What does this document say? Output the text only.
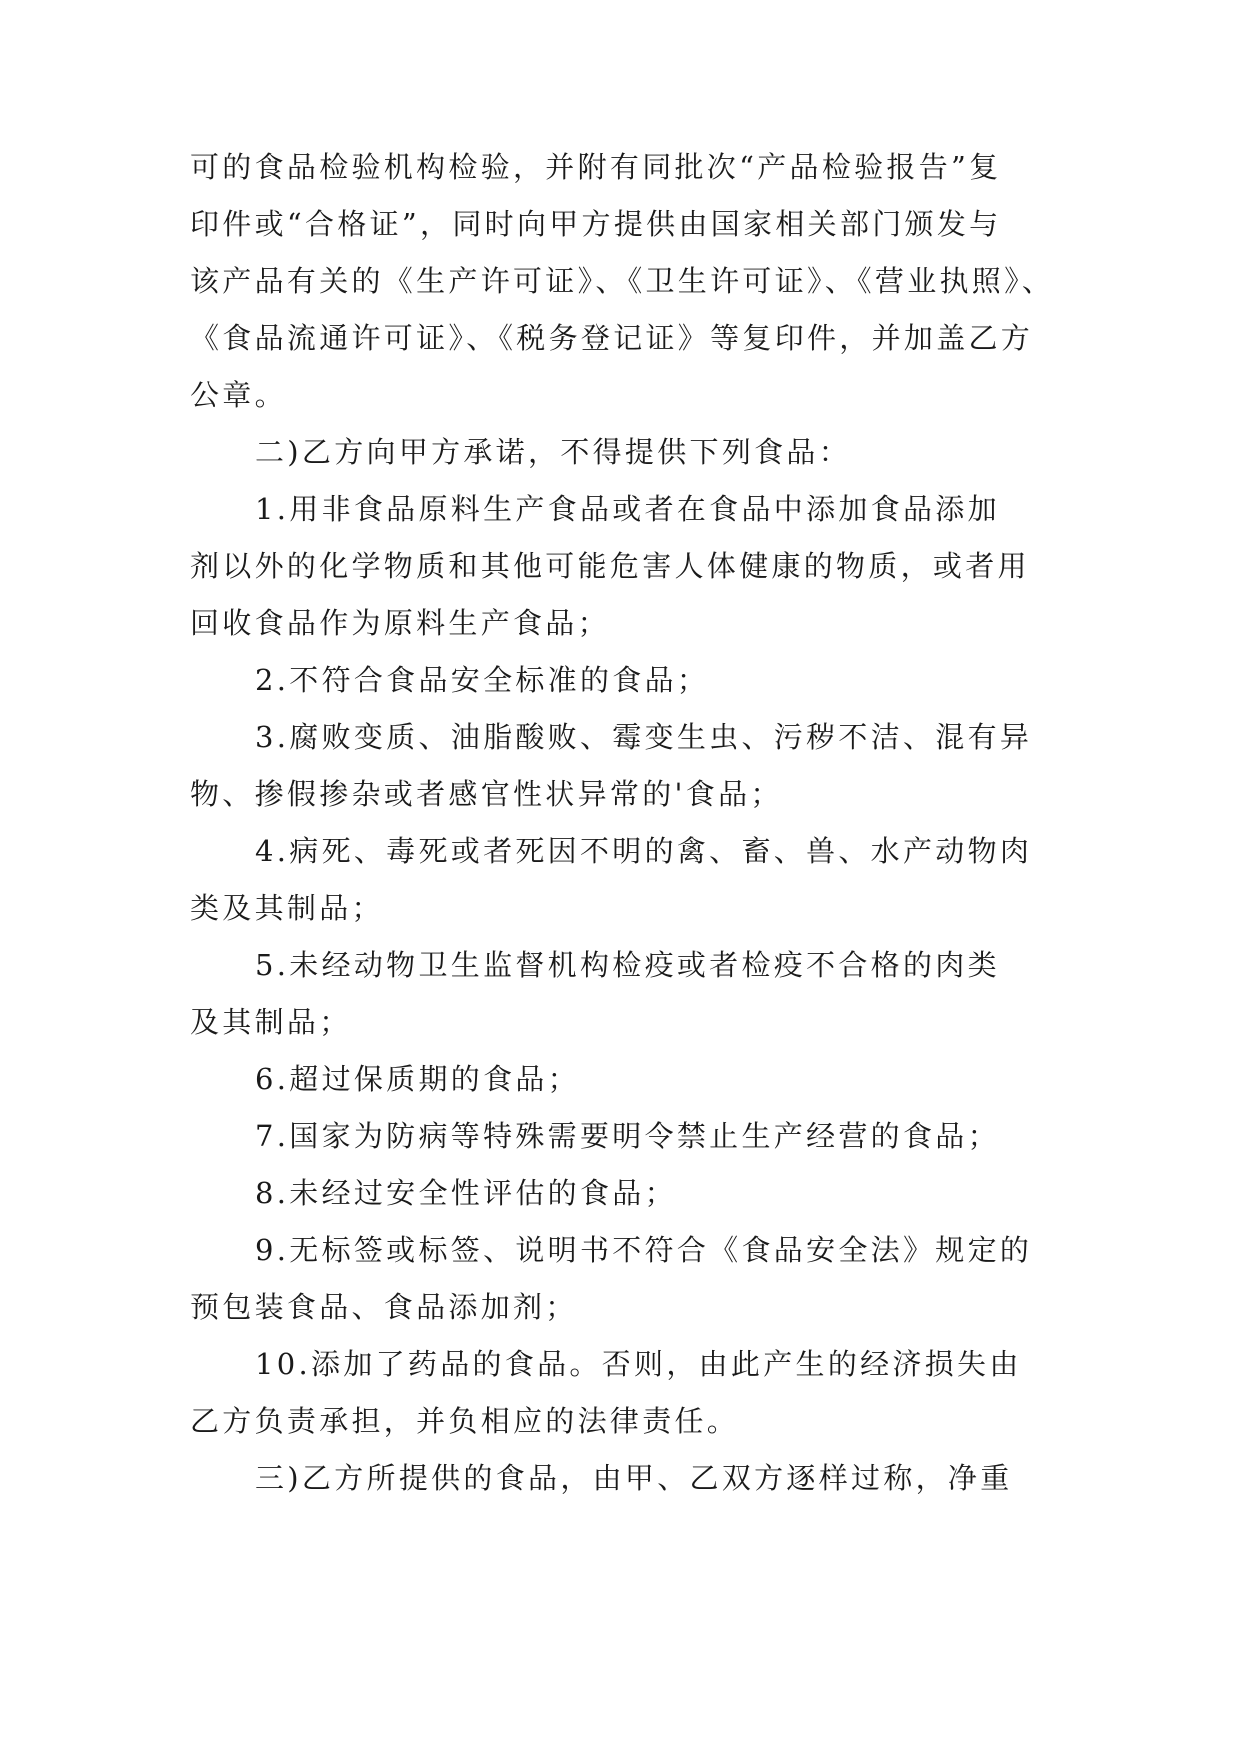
可的食品检验机构检验，并附有同批次“产品检验报告”复
印件或“合格证”，同时向甲方提供由国家相关部门颁发与
该产品有关的《生产许可证》、《卫生许可证》、《营业执照》、
《食品流通许可证》、《税务登记证》等复印件，并加盖乙方
公章。
二)乙方向甲方承诺，不得提供下列食品：
1.用非食品原料生产食品或者在食品中添加食品添加
剂以外的化学物质和其他可能危害人体健康的物质，或者用
回收食品作为原料生产食品；
2.不符合食品安全标准的食品；
3.腐败变质、油脂酸败、霉变生虫、污秽不洁、混有异
物、掺假掺杂或者感官性状异常的'食品；
4.病死、毒死或者死因不明的禽、畜、兽、水产动物肉
类及其制品；
5.未经动物卫生监督机构检疫或者检疫不合格的肉类
及其制品；
6.超过保质期的食品；
7.国家为防病等特殊需要明令禁止生产经营的食品；
8.未经过安全性评估的食品；
9.无标签或标签、说明书不符合《食品安全法》规定的
预包装食品、食品添加剂；
10.添加了药品的食品。否则，由此产生的经济损失由
乙方负责承担，并负相应的法律责任。
三)乙方所提供的食品，由甲、乙双方逐样过称，净重
